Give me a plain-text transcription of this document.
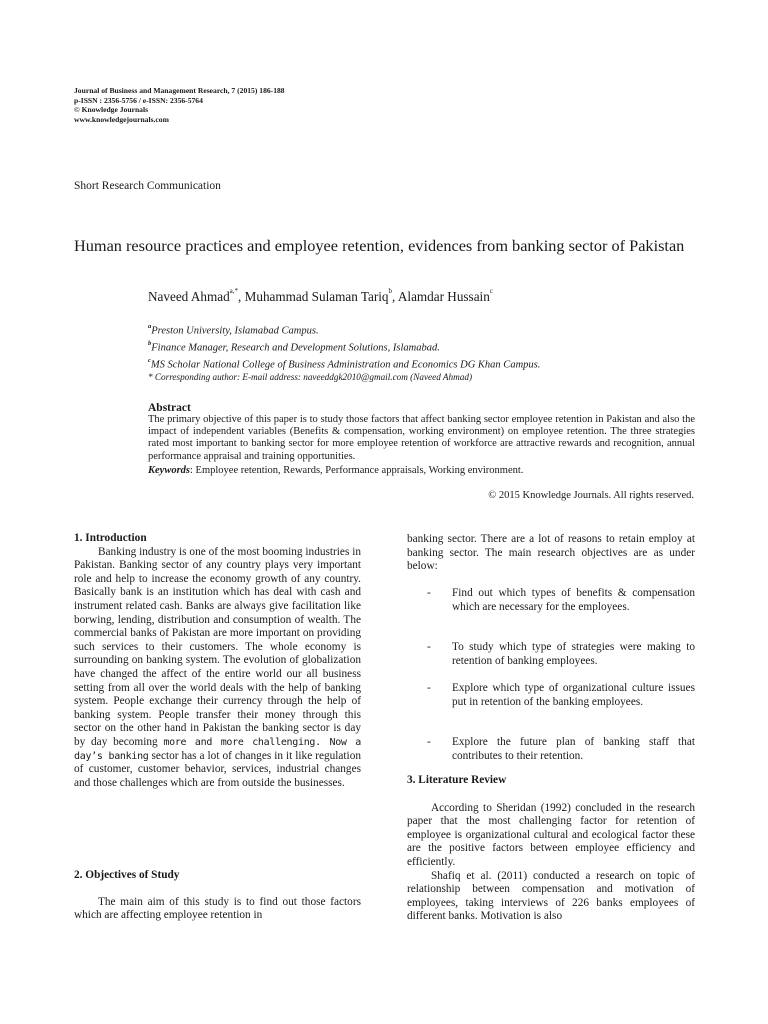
Journal of Business and Management Research, 7 (2015) 186-188
p-ISSN : 2356-5756 / e-ISSN: 2356-5764
© Knowledge Journals
www.knowledgejournals.com
Short Research Communication
Human resource practices and employee retention, evidences from banking sector of Pakistan
Naveed Ahmad$^{a,*}$, Muhammad Sulaman Tariq$^b$, Alamdar Hussain$^c$
$^a$Preston University, Islamabad Campus.
$^b$Finance Manager, Research and Development Solutions, Islamabad.
$^c$MS Scholar National College of Business Administration and Economics DG Khan Campus.
* Corresponding author: E-mail address: naveeddgk2010@gmail.com (Naveed Ahmad)
Abstract
The primary objective of this paper is to study those factors that affect banking sector employee retention in Pakistan and also the impact of independent variables (Benefits & compensation, working environment) on employee retention. The three strategies rated most important to banking sector for more employee retention of workforce are attractive rewards and recognition, annual performance appraisal and training opportunities.
Keywords: Employee retention, Rewards, Performance appraisals, Working environment.
© 2015 Knowledge Journals. All rights reserved.
1. Introduction
Banking industry is one of the most booming industries in Pakistan. Banking sector of any country plays very important role and help to increase the economy growth of any country. Basically bank is an institution which has deal with cash and instrument related cash. Banks are always give facilitation like borwing, lending, distribution and consumption of wealth. The commercial banks of Pakistan are more important on providing such services to their customers. The whole economy is surrounding on banking system. The evolution of globalization have changed the affect of the entire world our all business setting from all over the world deals with the help of banking system. People exchange their currency through the help of banking system. People transfer their money through this sector on the other hand in Pakistan the banking sector is day by day becoming more and more challenging. Now a day’s banking sector has a lot of changes in it like regulation of customer, customer behavior, services, industrial changes and those challenges which are from outside the businesses.
2. Objectives of Study
The main aim of this study is to find out those factors which are affecting employee retention in
banking sector. There are a lot of reasons to retain employ at banking sector. The main research objectives are as under below:
- Find out which types of benefits & compensation which are necessary for the employees.
- To study which type of strategies were making to retention of banking employees.
- Explore which type of organizational culture issues put in retention of the banking employees.
- Explore the future plan of banking staff that contributes to their retention.
3. Literature Review
According to Sheridan (1992) concluded in the research paper that the most challenging factor for retention of employee is organizational cultural and ecological factor these are the positive factors between employee efficiency and efficiently.
Shafiq et al. (2011) conducted a research on topic of relationship between compensation and motivation of employees, taking interviews of 226 banks employees of different banks. Motivation is also
